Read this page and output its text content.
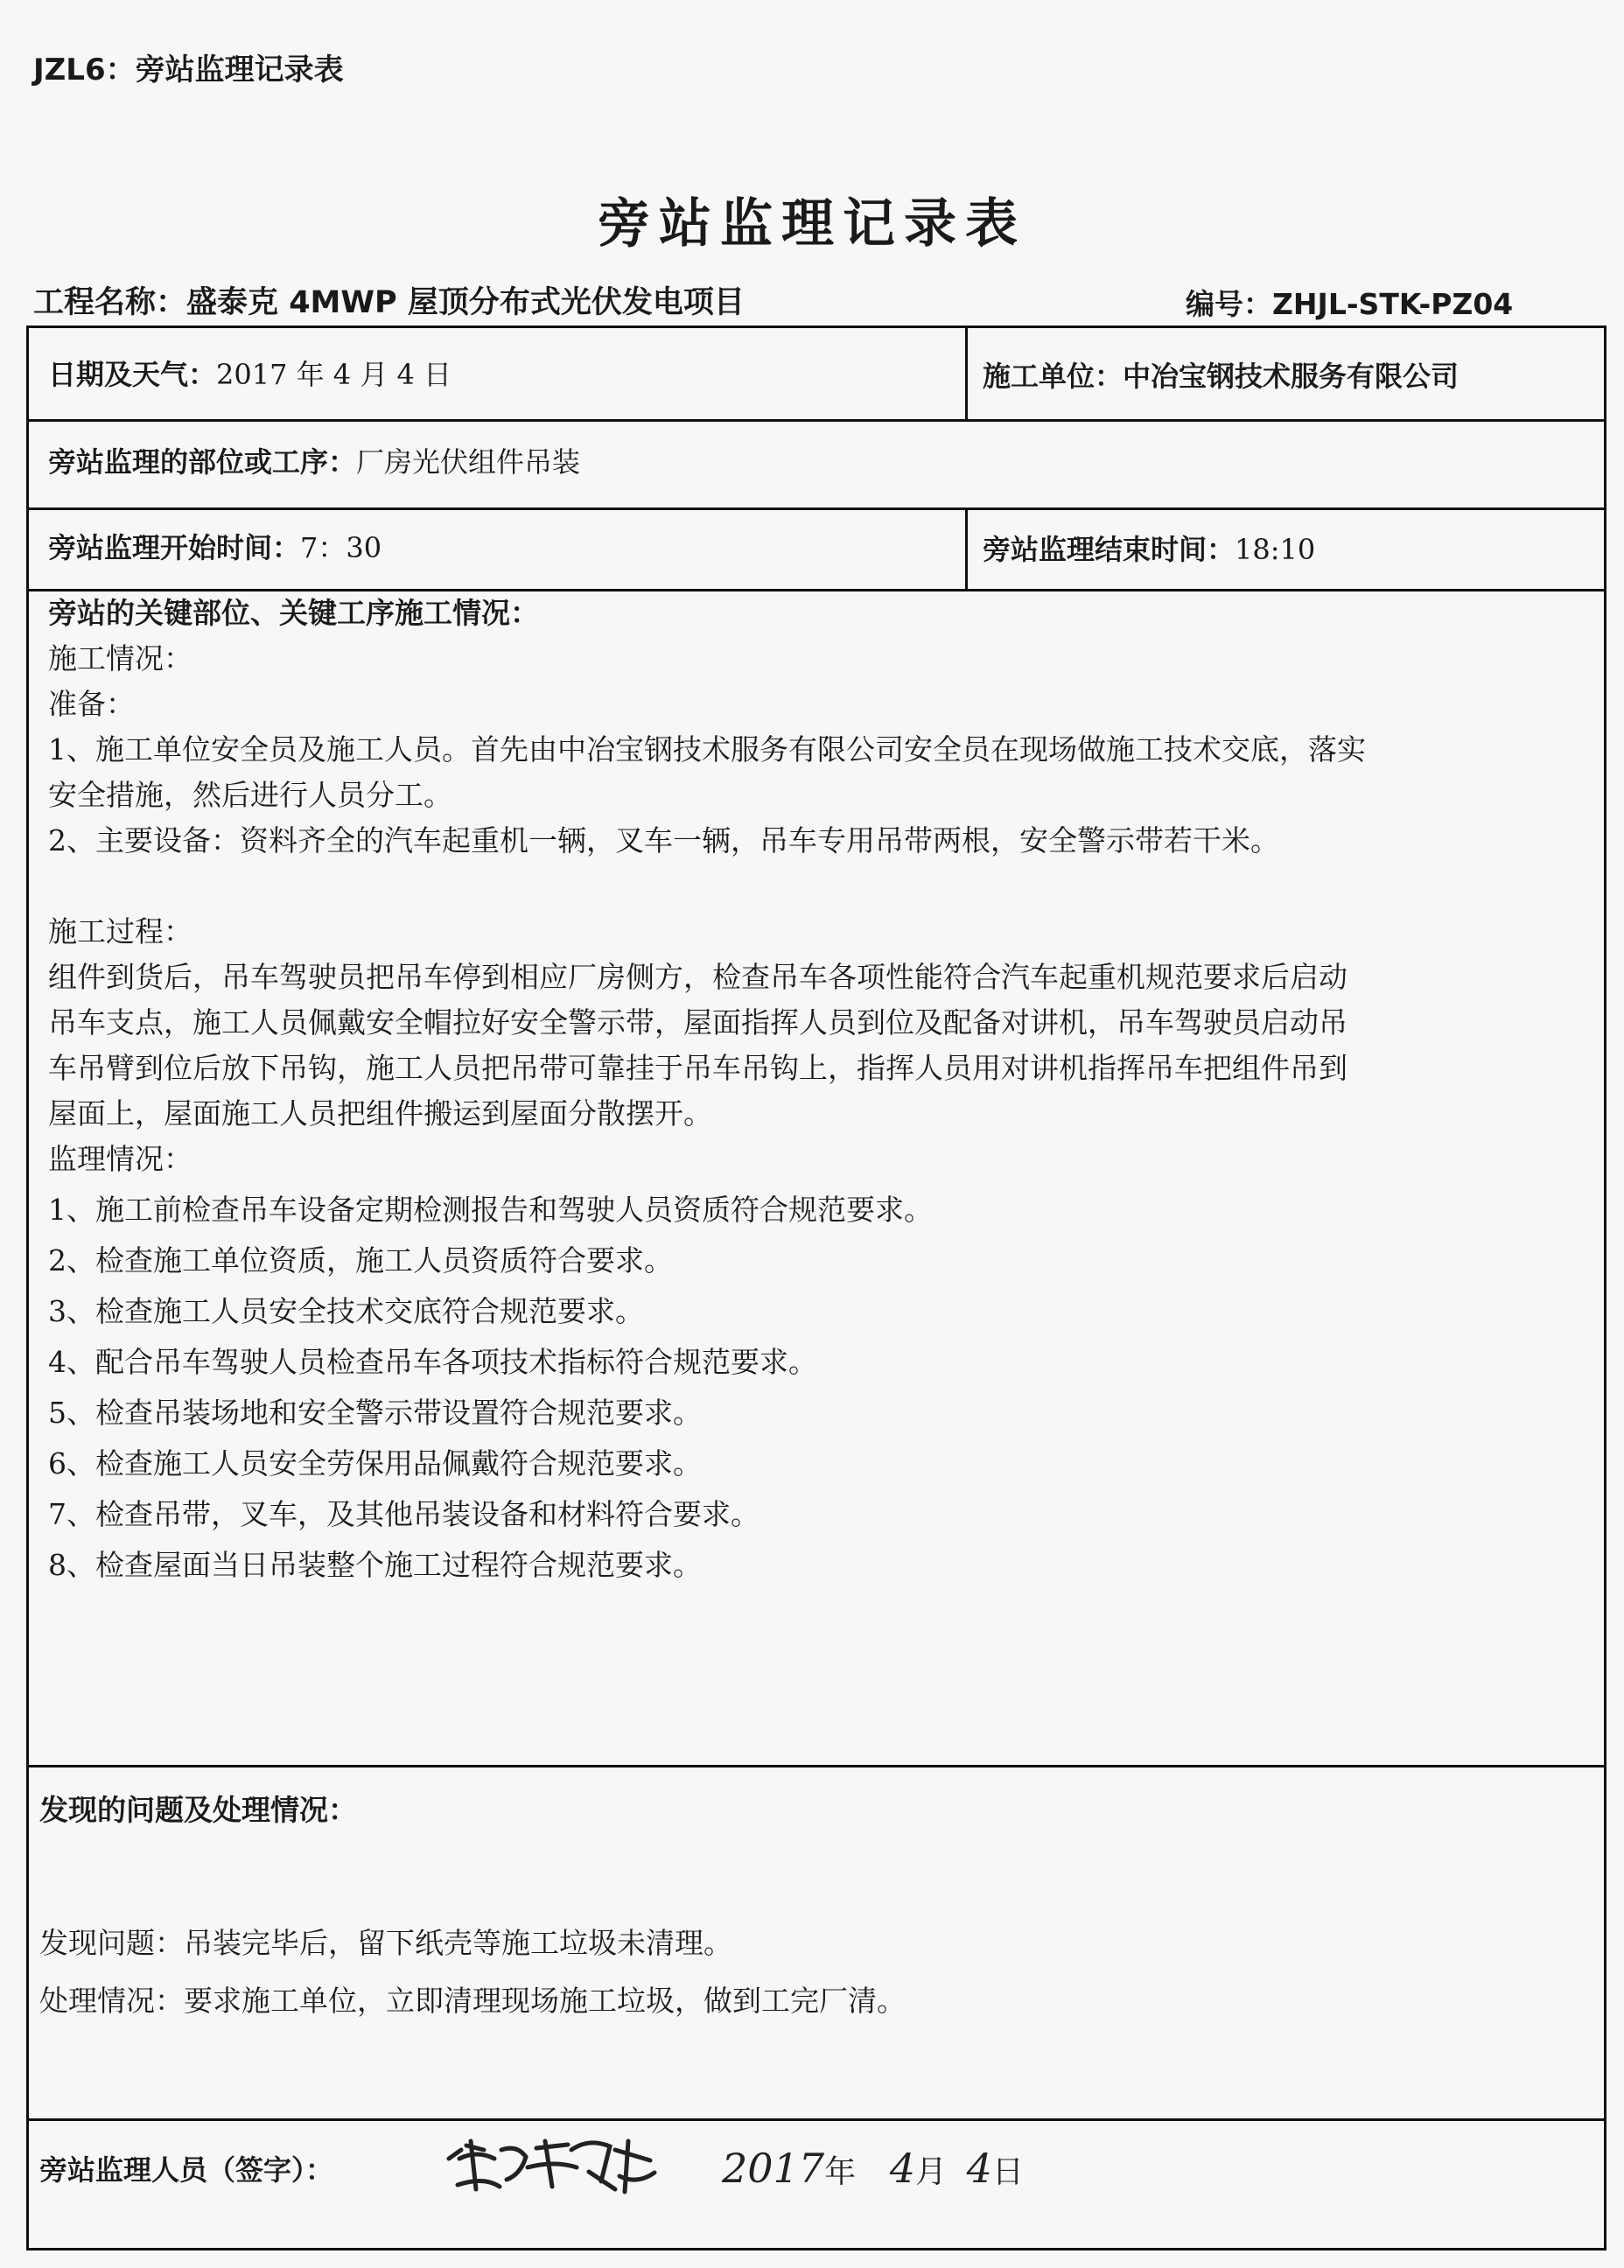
JZL6：旁站监理记录表
旁站监理记录表
工程名称：盛泰克 4MWP 屋顶分布式光伏发电项目	编号：ZHJL-STK-PZ04
日期及天气：2017 年 4 月 4 日	施工单位：中冶宝钢技术服务有限公司
旁站监理的部位或工序：厂房光伏组件吊装
旁站监理开始时间：7：30	旁站监理结束时间：18:10
旁站的关键部位、关键工序施工情况：
施工情况：
准备：
1、施工单位安全员及施工人员。首先由中冶宝钢技术服务有限公司安全员在现场做施工技术交底，落实
安全措施，然后进行人员分工。
2、主要设备：资料齐全的汽车起重机一辆，叉车一辆，吊车专用吊带两根，安全警示带若干米。
施工过程：
组件到货后，吊车驾驶员把吊车停到相应厂房侧方，检查吊车各项性能符合汽车起重机规范要求后启动
吊车支点，施工人员佩戴安全帽拉好安全警示带，屋面指挥人员到位及配备对讲机，吊车驾驶员启动吊
车吊臂到位后放下吊钩，施工人员把吊带可靠挂于吊车吊钩上，指挥人员用对讲机指挥吊车把组件吊到
屋面上，屋面施工人员把组件搬运到屋面分散摆开。
监理情况：
1、施工前检查吊车设备定期检测报告和驾驶人员资质符合规范要求。
2、检查施工单位资质，施工人员资质符合要求。
3、检查施工人员安全技术交底符合规范要求。
4、配合吊车驾驶人员检查吊车各项技术指标符合规范要求。
5、检查吊装场地和安全警示带设置符合规范要求。
6、检查施工人员安全劳保用品佩戴符合规范要求。
7、检查吊带，叉车，及其他吊装设备和材料符合要求。
8、检查屋面当日吊装整个施工过程符合规范要求。
发现的问题及处理情况：
发现问题：吊装完毕后，留下纸壳等施工垃圾未清理。
处理情况：要求施工单位，立即清理现场施工垃圾，做到工完厂清。
旁站监理人员（签字）：	2017年 4月 4日
